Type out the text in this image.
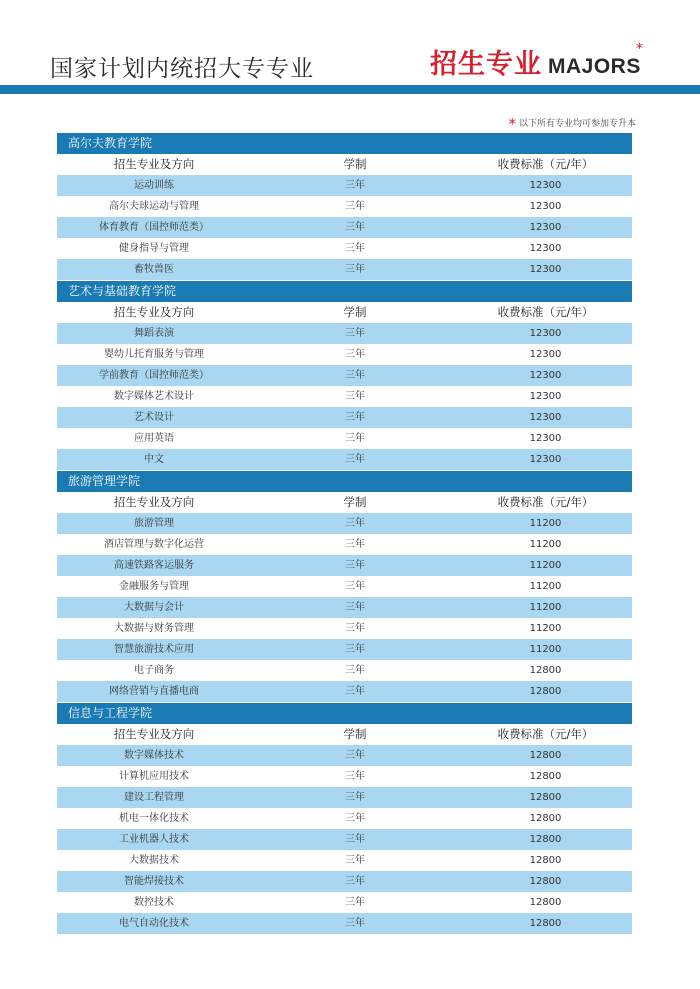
国家计划内统招大专专业	招生专业 MAJORS
*
* 以下所有专业均可参加专升本
高尔夫教育学院
招生专业及方向	学制	收费标准（元/年）
运动训练	三年	12300
高尔夫球运动与管理	三年	12300
体育教育（国控师范类）	三年	12300
健身指导与管理	三年	12300
畜牧兽医	三年	12300
艺术与基础教育学院
招生专业及方向	学制	收费标准（元/年）
舞蹈表演	三年	12300
婴幼儿托育服务与管理	三年	12300
学前教育（国控师范类）	三年	12300
数字媒体艺术设计	三年	12300
艺术设计	三年	12300
应用英语	三年	12300
中文	三年	12300
旅游管理学院
招生专业及方向	学制	收费标准（元/年）
旅游管理	三年	11200
酒店管理与数字化运营	三年	11200
高速铁路客运服务	三年	11200
金融服务与管理	三年	11200
大数据与会计	三年	11200
大数据与财务管理	三年	11200
智慧旅游技术应用	三年	11200
电子商务	三年	12800
网络营销与直播电商	三年	12800
信息与工程学院
招生专业及方向	学制	收费标准（元/年）
数字媒体技术	三年	12800
计算机应用技术	三年	12800
建设工程管理	三年	12800
机电一体化技术	三年	12800
工业机器人技术	三年	12800
大数据技术	三年	12800
智能焊接技术	三年	12800
数控技术	三年	12800
电气自动化技术	三年	12800
